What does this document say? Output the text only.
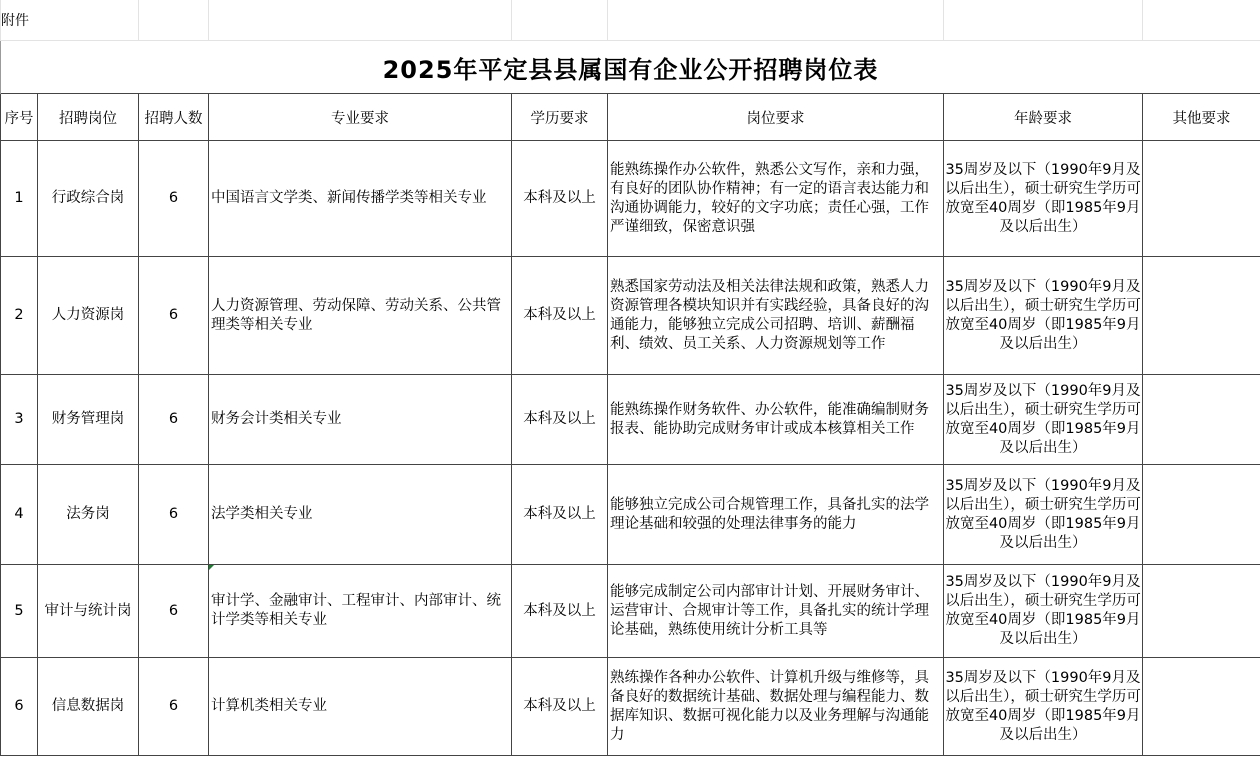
附件							
2025年平定县县属国有企业公开招聘岗位表							
序号	招聘岗位	招聘人数	专业要求	学历要求	岗位要求	年龄要求	其他要求
1	行政综合岗	6	中国语言文学类、新闻传播学类等相关专业	本科及以上	能熟练操作办公软件，熟悉公文写作，亲和力强，有良好的团队协作精神；有一定的语言表达能力和沟通协调能力，较好的文字功底；责任心强，工作严谨细致，保密意识强	35周岁及以下（1990年9月及以后出生），硕士研究生学历可放宽至40周岁（即1985年9月及以后出生）	
2	人力资源岗	6	人力资源管理、劳动保障、劳动关系、公共管理类等相关专业	本科及以上	熟悉国家劳动法及相关法律法规和政策，熟悉人力资源管理各模块知识并有实践经验，具备良好的沟通能力，能够独立完成公司招聘、培训、薪酬福利、绩效、员工关系、人力资源规划等工作	35周岁及以下（1990年9月及以后出生），硕士研究生学历可放宽至40周岁（即1985年9月及以后出生）	
3	财务管理岗	6	财务会计类相关专业	本科及以上	能熟练操作财务软件、办公软件，能准确编制财务报表、能协助完成财务审计或成本核算相关工作	35周岁及以下（1990年9月及以后出生），硕士研究生学历可放宽至40周岁（即1985年9月及以后出生）	
4	法务岗	6	法学类相关专业	本科及以上	能够独立完成公司合规管理工作，具备扎实的法学理论基础和较强的处理法律事务的能力	35周岁及以下（1990年9月及以后出生），硕士研究生学历可放宽至40周岁（即1985年9月及以后出生）	
5	审计与统计岗	6	审计学、金融审计、工程审计、内部审计、统计学类等相关专业	本科及以上	能够完成制定公司内部审计计划、开展财务审计、运营审计、合规审计等工作，具备扎实的统计学理论基础，熟练使用统计分析工具等	35周岁及以下（1990年9月及以后出生），硕士研究生学历可放宽至40周岁（即1985年9月及以后出生）	
6	信息数据岗	6	计算机类相关专业	本科及以上	熟练操作各种办公软件、计算机升级与维修等，具备良好的数据统计基础、数据处理与编程能力、数据库知识、数据可视化能力以及业务理解与沟通能力	35周岁及以下（1990年9月及以后出生），硕士研究生学历可放宽至40周岁（即1985年9月及以后出生）	
